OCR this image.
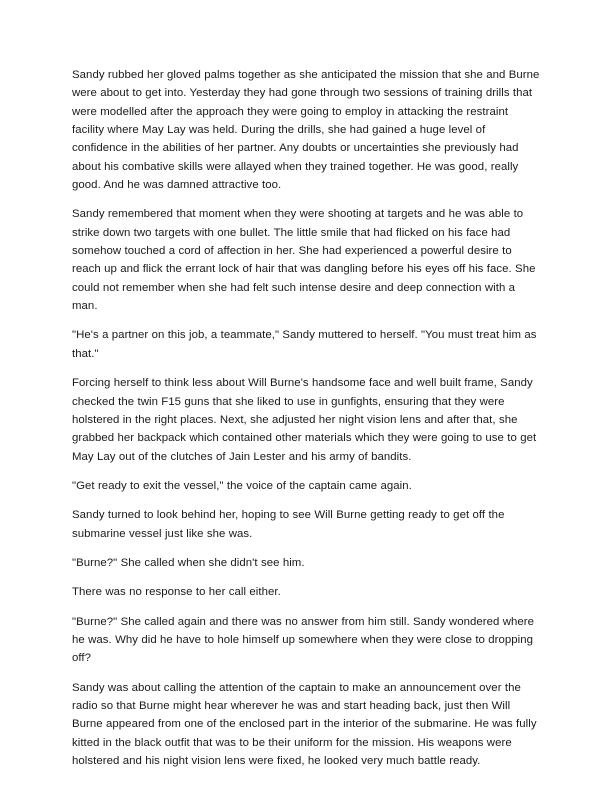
Sandy rubbed her gloved palms together as she anticipated the mission that she and Burne were about to get into. Yesterday they had gone through two sessions of training drills that were modelled after the approach they were going to employ in attacking the restraint facility where May Lay was held. During the drills, she had gained a huge level of confidence in the abilities of her partner. Any doubts or uncertainties she previously had about his combative skills were allayed when they trained together. He was good, really good. And he was damned attractive too.

Sandy remembered that moment when they were shooting at targets and he was able to strike down two targets with one bullet. The little smile that had flicked on his face had somehow touched a cord of affection in her. She had experienced a powerful desire to reach up and flick the errant lock of hair that was dangling before his eyes off his face. She could not remember when she had felt such intense desire and deep connection with a man.

"He's a partner on this job, a teammate," Sandy muttered to herself. "You must treat him as that."

Forcing herself to think less about Will Burne's handsome face and well built frame, Sandy checked the twin F15 guns that she liked to use in gunfights, ensuring that they were holstered in the right places. Next, she adjusted her night vision lens and after that, she grabbed her backpack which contained other materials which they were going to use to get May Lay out of the clutches of Jain Lester and his army of bandits.

"Get ready to exit the vessel," the voice of the captain came again.

Sandy turned to look behind her, hoping to see Will Burne getting ready to get off the submarine vessel just like she was.

"Burne?" She called when she didn't see him.

There was no response to her call either.

"Burne?" She called again and there was no answer from him still. Sandy wondered where he was. Why did he have to hole himself up somewhere when they were close to dropping off?

Sandy was about calling the attention of the captain to make an announcement over the radio so that Burne might hear wherever he was and start heading back, just then Will Burne appeared from one of the enclosed part in the interior of the submarine. He was fully kitted in the black outfit that was to be their uniform for the mission. His weapons were holstered and his night vision lens were fixed, he looked very much battle ready.
